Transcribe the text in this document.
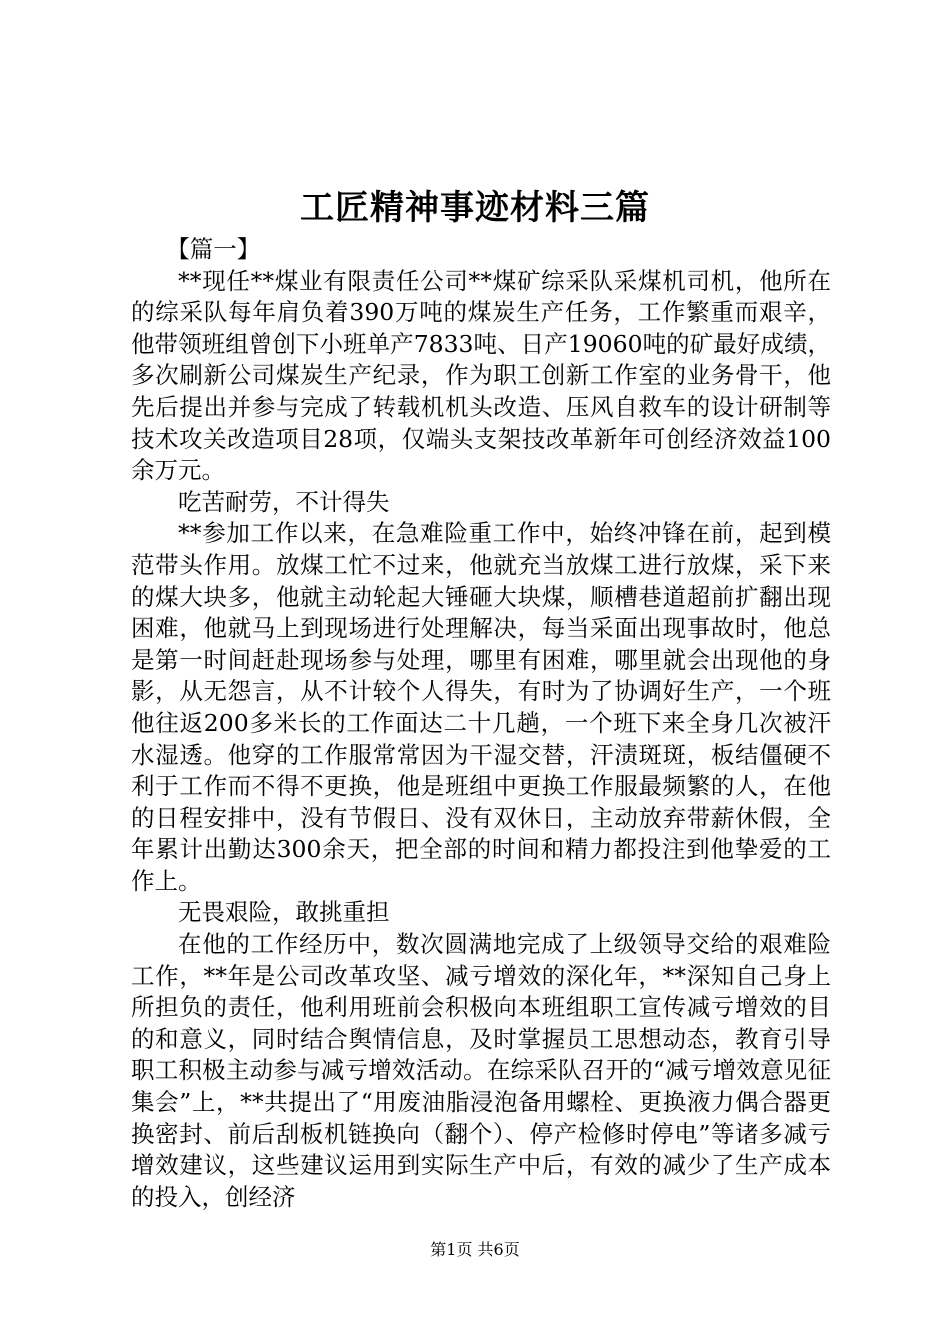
工匠精神事迹材料三篇

【篇一】

**现任**煤业有限责任公司**煤矿综采队采煤机司机，他所在的综采队每年肩负着390万吨的煤炭生产任务，工作繁重而艰辛，他带领班组曾创下小班单产7833吨、日产19060吨的矿最好成绩，多次刷新公司煤炭生产纪录，作为职工创新工作室的业务骨干，他先后提出并参与完成了转载机机头改造、压风自救车的设计研制等技术攻关改造项目28项，仅端头支架技改革新年可创经济效益100余万元。

吃苦耐劳，不计得失

**参加工作以来，在急难险重工作中，始终冲锋在前，起到模范带头作用。放煤工忙不过来，他就充当放煤工进行放煤，采下来的煤大块多，他就主动轮起大锤砸大块煤，顺槽巷道超前扩翻出现困难，他就马上到现场进行处理解决，每当采面出现事故时，他总是第一时间赶赴现场参与处理，哪里有困难，哪里就会出现他的身影，从无怨言，从不计较个人得失，有时为了协调好生产，一个班他往返200多米长的工作面达二十几趟，一个班下来全身几次被汗水湿透。他穿的工作服常常因为干湿交替，汗渍斑斑，板结僵硬不利于工作而不得不更换，他是班组中更换工作服最频繁的人，在他的日程安排中，没有节假日、没有双休日，主动放弃带薪休假，全年累计出勤达300余天，把全部的时间和精力都投注到他挚爱的工作上。

无畏艰险，敢挑重担

在他的工作经历中，数次圆满地完成了上级领导交给的艰难险工作，**年是公司改革攻坚、减亏增效的深化年，**深知自己身上所担负的责任，他利用班前会积极向本班组职工宣传减亏增效的目的和意义，同时结合舆情信息，及时掌握员工思想动态，教育引导职工积极主动参与减亏增效活动。在综采队召开的“减亏增效意见征集会”上，**共提出了“用废油脂浸泡备用螺栓、更换液力偶合器更换密封、前后刮板机链换向（翻个）、停产检修时停电”等诸多减亏增效建议，这些建议运用到实际生产中后，有效的减少了生产成本的投入，创经济

第1页 共6页
